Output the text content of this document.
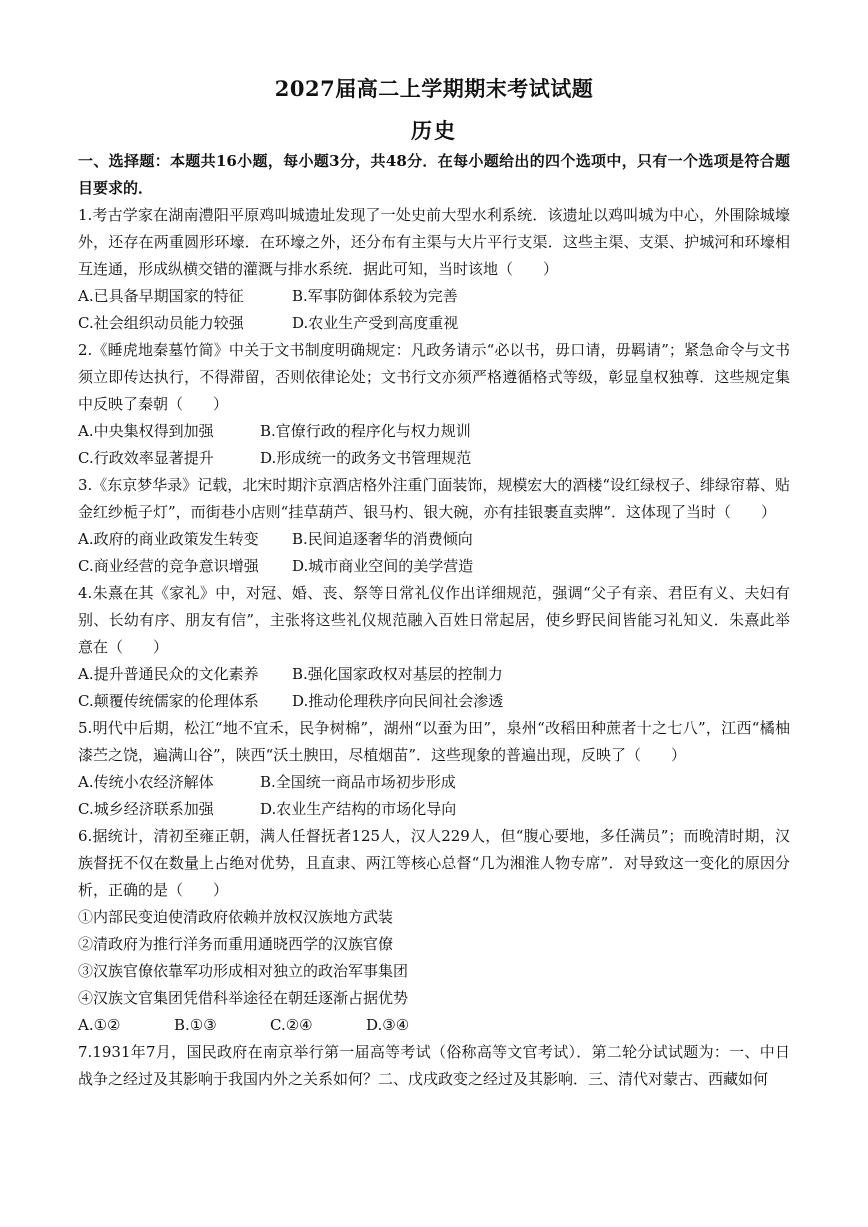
2027届高二上学期期末考试试题
历史

一、选择题：本题共16小题，每小题3分，共48分．在每小题给出的四个选项中，只有一个选项是符合题目要求的．

1.考古学家在湖南澧阳平原鸡叫城遗址发现了一处史前大型水利系统．该遗址以鸡叫城为中心，外围除城壕外，还存在两重圆形环壕．在环壕之外，还分布有主渠与大片平行支渠．这些主渠、支渠、护城河和环壕相互连通，形成纵横交错的灌溉与排水系统．据此可知，当时该地（　　）

A.已具备早期国家的特征	B.军事防御体系较为完善
C.社会组织动员能力较强	D.农业生产受到高度重视

2.《睡虎地秦墓竹简》中关于文书制度明确规定：凡政务请示“必以书，毋口请，毋羁请”；紧急命令与文书须立即传达执行，不得滞留，否则依律论处；文书行文亦须严格遵循格式等级，彰显皇权独尊．这些规定集中反映了秦朝（　　）

A.中央集权得到加强	B.官僚行政的程序化与权力规训
C.行政效率显著提升	D.形成统一的政务文书管理规范

3.《东京梦华录》记载，北宋时期汴京酒店格外注重门面装饰，规模宏大的酒楼“设红绿杈子、绯绿帘幕、贴金红纱栀子灯”，而街巷小店则“挂草葫芦、银马杓、银大碗，亦有挂银裹直卖牌”．这体现了当时（　　）

A.政府的商业政策发生转变	B.民间追逐奢华的消费倾向
C.商业经营的竞争意识增强	D.城市商业空间的美学营造

4.朱熹在其《家礼》中，对冠、婚、丧、祭等日常礼仪作出详细规范，强调“父子有亲、君臣有义、夫妇有别、长幼有序、朋友有信”，主张将这些礼仪规范融入百姓日常起居，使乡野民间皆能习礼知义．朱熹此举意在（　　）

A.提升普通民众的文化素养	B.强化国家政权对基层的控制力
C.颠覆传统儒家的伦理体系	D.推动伦理秩序向民间社会渗透

5.明代中后期，松江“地不宜禾，民争树棉”，湖州“以蚕为田”，泉州“改稻田种蔗者十之七八”，江西“橘柚漆苎之饶，遍满山谷”，陕西“沃土腴田，尽植烟苗”．这些现象的普遍出现，反映了（　　）

A.传统小农经济解体	B.全国统一商品市场初步形成
C.城乡经济联系加强	D.农业生产结构的市场化导向

6.据统计，清初至雍正朝，满人任督抚者125人，汉人229人，但“腹心要地，多任满员”；而晚清时期，汉族督抚不仅在数量上占绝对优势，且直隶、两江等核心总督“几为湘淮人物专席”．对导致这一变化的原因分析，正确的是（　　）

①内部民变迫使清政府依赖并放权汉族地方武装

②清政府为推行洋务而重用通晓西学的汉族官僚

③汉族官僚依靠军功形成相对独立的政治军事集团

④汉族文官集团凭借科举途径在朝廷逐渐占据优势

A.①②	B.①③	C.②④	D.③④

7.1931年7月，国民政府在南京举行第一届高等考试（俗称高等文官考试）．第二轮分试试题为：一、中日战争之经过及其影响于我国内外之关系如何？二、戊戌政变之经过及其影响．三、清代对蒙古、西藏如何
